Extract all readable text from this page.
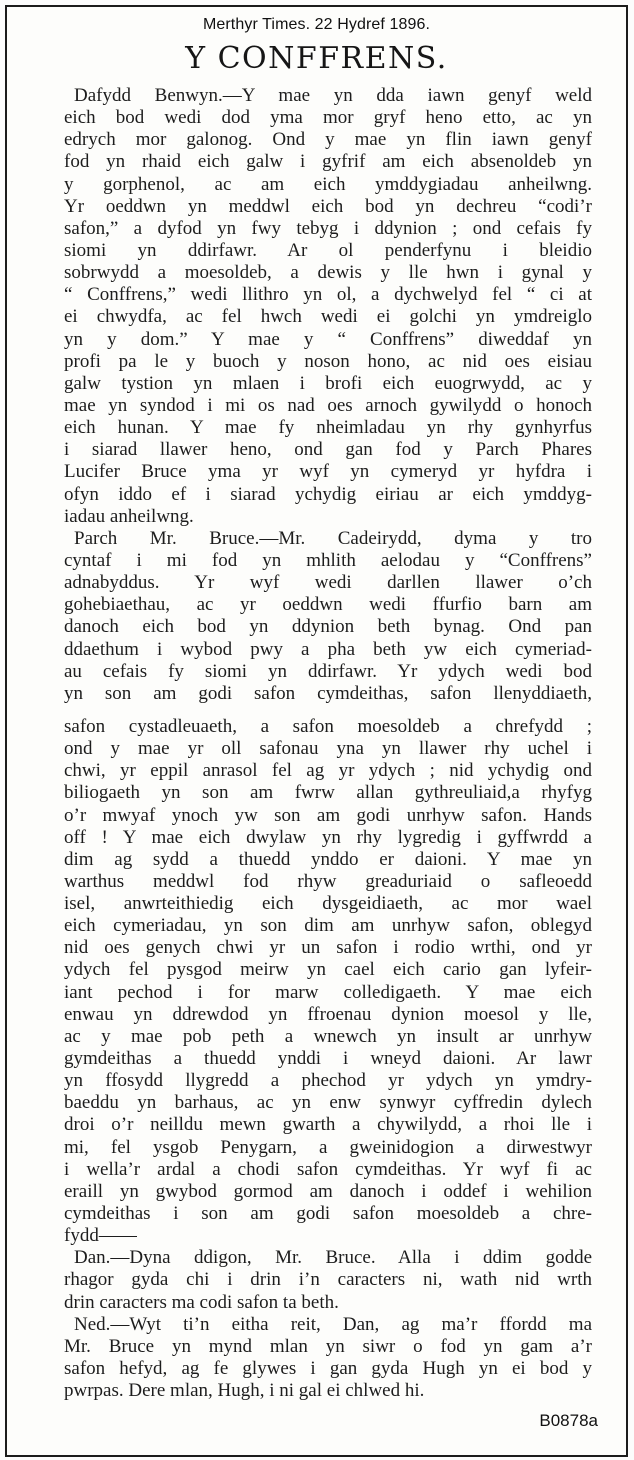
Merthyr Times. 22 Hydref 1896.
Y CONFFRENS.
Dafydd Benwyn.—Y mae yn dda iawn genyf weld
eich bod wedi dod yma mor gryf heno etto, ac yn
edrych mor galonog. Ond y mae yn flin iawn genyf
fod yn rhaid eich galw i gyfrif am eich absenoldeb yn
y gorphenol, ac am eich ymddygiadau anheilwng.
Yr oeddwn yn meddwl eich bod yn dechreu “codi’r
safon,” a dyfod yn fwy tebyg i ddynion ; ond cefais fy
siomi yn ddirfawr. Ar ol penderfynu i bleidio
sobrwydd a moesoldeb, a dewis y lle hwn i gynal y
“ Conffrens,” wedi llithro yn ol, a dychwelyd fel “ ci at
ei chwydfa, ac fel hwch wedi ei golchi yn ymdreiglo
yn y dom.” Y mae y “ Conffrens” diweddaf yn
profi pa le y buoch y noson hono, ac nid oes eisiau
galw tystion yn mlaen i brofi eich euogrwydd, ac y
mae yn syndod i mi os nad oes arnoch gywilydd o honoch
eich hunan. Y mae fy nheimladau yn rhy gynhyrfus
i siarad llawer heno, ond gan fod y Parch Phares
Lucifer Bruce yma yr wyf yn cymeryd yr hyfdra i
ofyn iddo ef i siarad ychydig eiriau ar eich ymddyg-
iadau anheilwng.
Parch Mr. Bruce.—Mr. Cadeirydd, dyma y tro
cyntaf i mi fod yn mhlith aelodau y “Conffrens”
adnabyddus. Yr wyf wedi darllen llawer o’ch
gohebiaethau, ac yr oeddwn wedi ffurfio barn am
danoch eich bod yn ddynion beth bynag. Ond pan
ddaethum i wybod pwy a pha beth yw eich cymeriad-
au cefais fy siomi yn ddirfawr. Yr ydych wedi bod
yn son am godi safon cymdeithas, safon llenyddiaeth,
safon cystadleuaeth, a safon moesoldeb a chrefydd ;
ond y mae yr oll safonau yna yn llawer rhy uchel i
chwi, yr eppil anrasol fel ag yr ydych ; nid ychydig ond
biliogaeth yn son am fwrw allan gythreuliaid,a rhyfyg
o’r mwyaf ynoch yw son am godi unrhyw safon. Hands
off ! Y mae eich dwylaw yn rhy lygredig i gyffwrdd a
dim ag sydd a thuedd ynddo er daioni. Y mae yn
warthus meddwl fod rhyw greaduriaid o safleoedd
isel, anwrteithiedig eich dysgeidiaeth, ac mor wael
eich cymeriadau, yn son dim am unrhyw safon, oblegyd
nid oes genych chwi yr un safon i rodio wrthi, ond yr
ydych fel pysgod meirw yn cael eich cario gan lyfeir-
iant pechod i for marw colledigaeth. Y mae eich
enwau yn ddrewdod yn ffroenau dynion moesol y lle,
ac y mae pob peth a wnewch yn insult ar unrhyw
gymdeithas a thuedd ynddi i wneyd daioni. Ar lawr
yn ffosydd llygredd a phechod yr ydych yn ymdry-
baeddu yn barhaus, ac yn enw synwyr cyffredin dylech
droi o’r neilldu mewn gwarth a chywilydd, a rhoi lle i
mi, fel ysgob Penygarn, a gweinidogion a dirwestwyr
i wella’r ardal a chodi safon cymdeithas. Yr wyf fi ac
eraill yn gwybod gormod am danoch i oddef i wehilion
cymdeithas i son am godi safon moesoldeb a chre-
fydd——
Dan.—Dyna ddigon, Mr. Bruce. Alla i ddim godde
rhagor gyda chi i drin i’n caracters ni, wath nid wrth
drin caracters ma codi safon ta beth.
Ned.—Wyt ti’n eitha reit, Dan, ag ma’r ffordd ma
Mr. Bruce yn mynd mlan yn siwr o fod yn gam a’r
safon hefyd, ag fe glywes i gan gyda Hugh yn ei bod y
pwrpas. Dere mlan, Hugh, i ni gal ei chlwed hi.
B0878a
